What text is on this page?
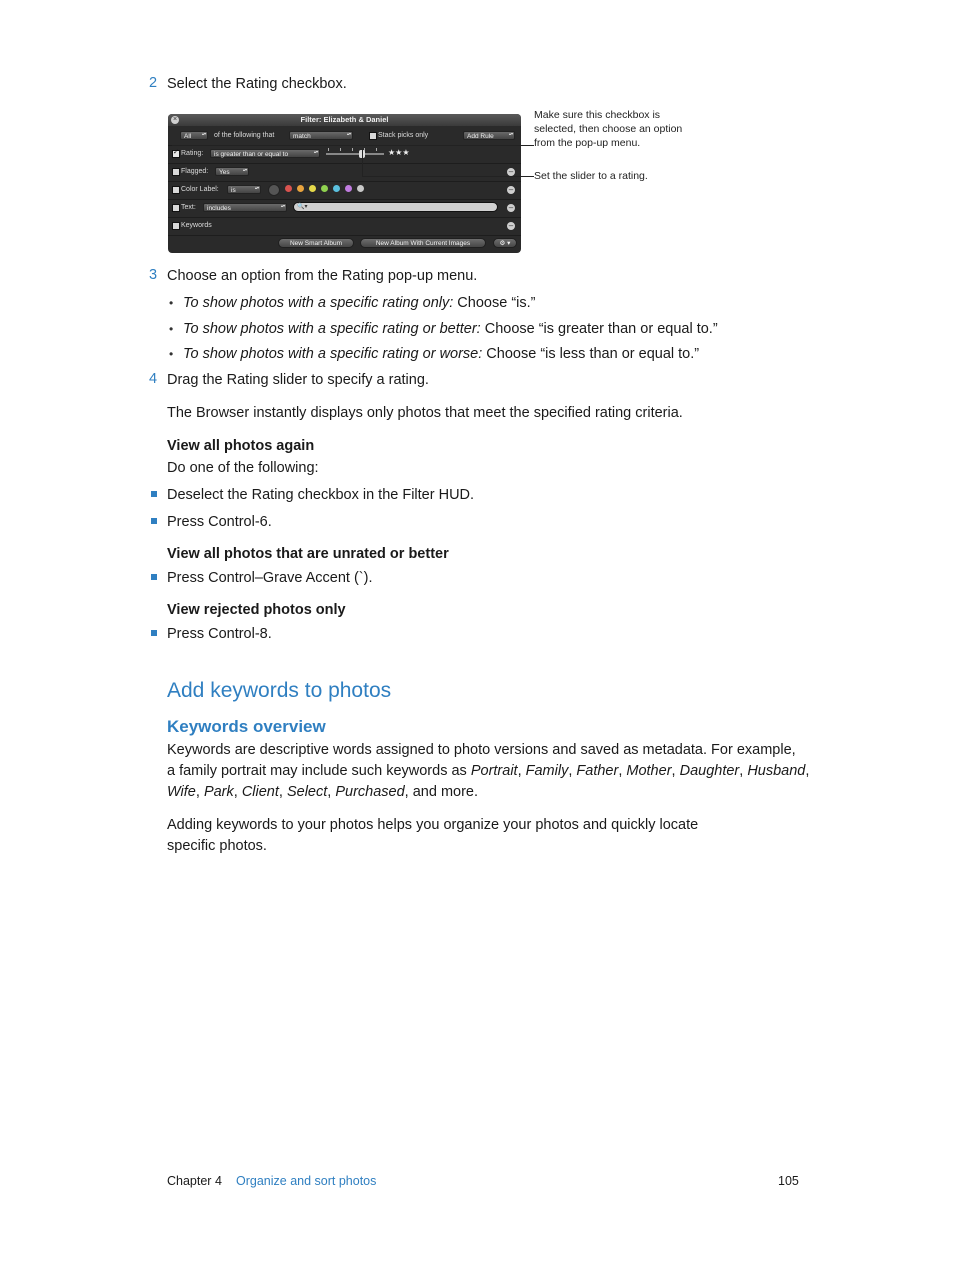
2 Select the Rating checkbox.
Filter: Elizabeth & Daniel
×
All ▴▾	of the following that	match ▴▾	Stack picks only	Add Rule ▴▾
✓ Rating:	is greater than or equal to ▴▾	★★★
Flagged:	Yes ▴▾	–
Color Label:	is ▴▾	–
Text:	includes ▴▾	🔍▾	–
Keywords	–
New Smart Album	New Album With Current Images	⚙ ▾
Make sure this checkbox is selected, then choose an option from the pop-up menu.
Set the slider to a rating.
3 Choose an option from the Rating pop-up menu.
• To show photos with a specific rating only: Choose “is.”
• To show photos with a specific rating or better: Choose “is greater than or equal to.”
• To show photos with a specific rating or worse: Choose “is less than or equal to.”
4 Drag the Rating slider to specify a rating.
The Browser instantly displays only photos that meet the specified rating criteria.
View all photos again
Do one of the following:
Deselect the Rating checkbox in the Filter HUD.
Press Control-6.
View all photos that are unrated or better
Press Control–Grave Accent (`).
View rejected photos only
Press Control-8.
Add keywords to photos
Keywords overview
Keywords are descriptive words assigned to photo versions and saved as metadata. For example,
a family portrait may include such keywords as Portrait, Family, Father, Mother, Daughter, Husband,
Wife, Park, Client, Select, Purchased, and more.
Adding keywords to your photos helps you organize your photos and quickly locate
specific photos.
Chapter 4 Organize and sort photos	105
